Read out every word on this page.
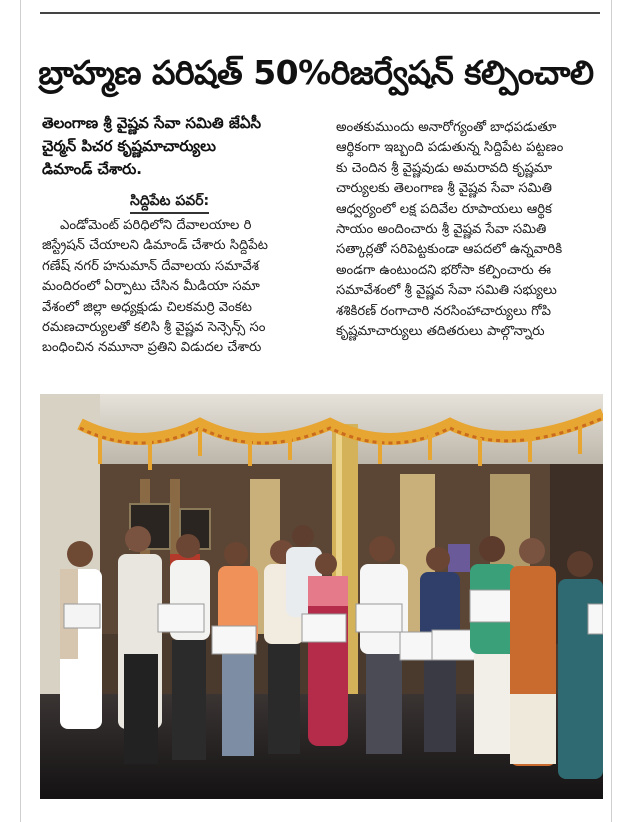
బ్రాహ్మణ పరిషత్ 50%రిజర్వేషన్ కల్పించాలి
తెలంగాణ శ్రీ వైష్ణవ సేవా సమితి జేఏసీ
చైర్మన్ పిచర కృష్ణమాచార్యులు
డిమాండ్ చేశారు.
సిద్దిపేట పవర్:
ఎండోమెంట్ పరిధిలోని దేవాలయాల రి
జిస్ట్రేషన్ చేయాలని డిమాండ్ చేశారు సిద్దిపేట
గణేష్ నగర్ హనుమాన్ దేవాలయ సమావేశ
మందిరంలో ఏర్పాటు చేసిన మీడియా సమా
వేశంలో జిల్లా అధ్యక్షుడు చిలకమర్రి వెంకట
రమణచార్యులతో కలిసి శ్రీ వైష్ణవ సెన్సెన్స్ సం
బంధించిన నమూనా ప్రతిని విడుదల చేశారు
అంతకుముందు అనారోగ్యంతో బాధపడుతూ
ఆర్థికంగా ఇబ్బంది పడుతున్న సిద్దిపేట పట్టణం
కు చెందిన శ్రీ వైష్ణవుడు అమరావది కృష్ణమా
చార్యులకు తెలంగాణ శ్రీ వైష్ణవ సేవా సమితి
ఆధ్వర్యంలో లక్ష పదివేల రూపాయలు ఆర్థిక
సాయం అందించారు శ్రీ వైష్ణవ సేవా సమితి
సత్కార్లతో సరిపెట్టకుండా ఆపదలో ఉన్నవారికి
అండగా ఉంటుందని భరోసా కల్పించారు ఈ
సమావేశంలో శ్రీ వైష్ణవ సేవా సమితి సభ్యులు
శశికిరణ్ రంగాచారి నరసింహాచార్యులు గోపి
కృష్ణమాచార్యులు తదితరులు పాల్గొన్నారు
